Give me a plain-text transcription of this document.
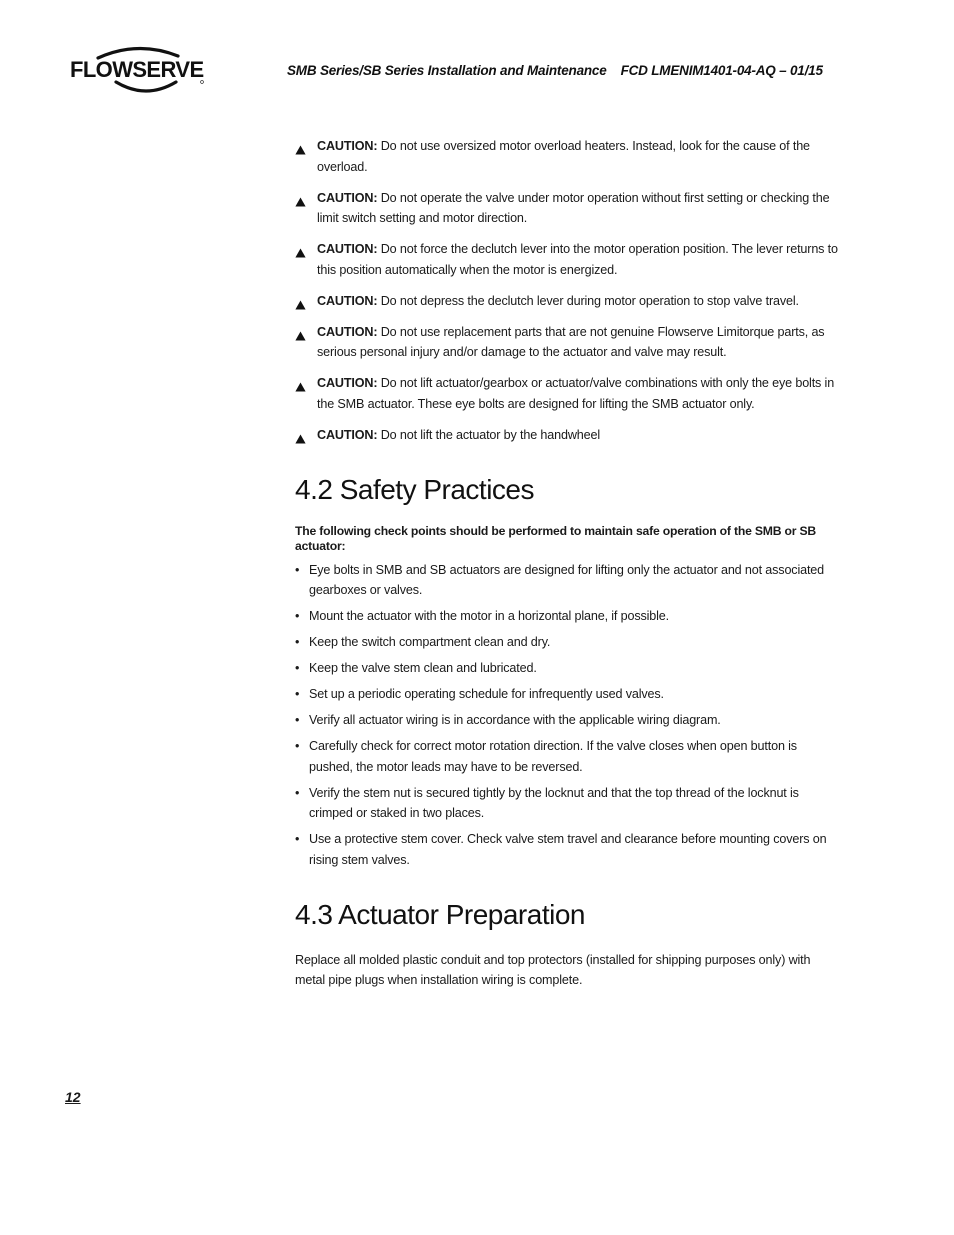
FLOWSERVE	SMB Series/SB Series Installation and Maintenance FCD LMENIM1401-04-AQ – 01/15
CAUTION: Do not use oversized motor overload heaters. Instead, look for the cause of the overload.
CAUTION: Do not operate the valve under motor operation without first setting or checking the limit switch setting and motor direction.
CAUTION: Do not force the declutch lever into the motor operation position. The lever returns to this position automatically when the motor is energized.
CAUTION: Do not depress the declutch lever during motor operation to stop valve travel.
CAUTION: Do not use replacement parts that are not genuine Flowserve Limitorque parts, as serious personal injury and/or damage to the actuator and valve may result.
CAUTION: Do not lift actuator/gearbox or actuator/valve combinations with only the eye bolts in the SMB actuator. These eye bolts are designed for lifting the SMB actuator only.
CAUTION: Do not lift the actuator by the handwheel
4.2 Safety Practices

The following check points should be performed to maintain safe operation of the SMB or SB actuator:

• Eye bolts in SMB and SB actuators are designed for lifting only the actuator and not associated gearboxes or valves.
• Mount the actuator with the motor in a horizontal plane, if possible.
• Keep the switch compartment clean and dry.
• Keep the valve stem clean and lubricated.
• Set up a periodic operating schedule for infrequently used valves.
• Verify all actuator wiring is in accordance with the applicable wiring diagram.
• Carefully check for correct motor rotation direction. If the valve closes when open button is pushed, the motor leads may have to be reversed.
• Verify the stem nut is secured tightly by the locknut and that the top thread of the locknut is crimped or staked in two places.
• Use a protective stem cover. Check valve stem travel and clearance before mounting covers on rising stem valves.
4.3 Actuator Preparation

Replace all molded plastic conduit and top protectors (installed for shipping purposes only) with metal pipe plugs when installation wiring is complete.

12
